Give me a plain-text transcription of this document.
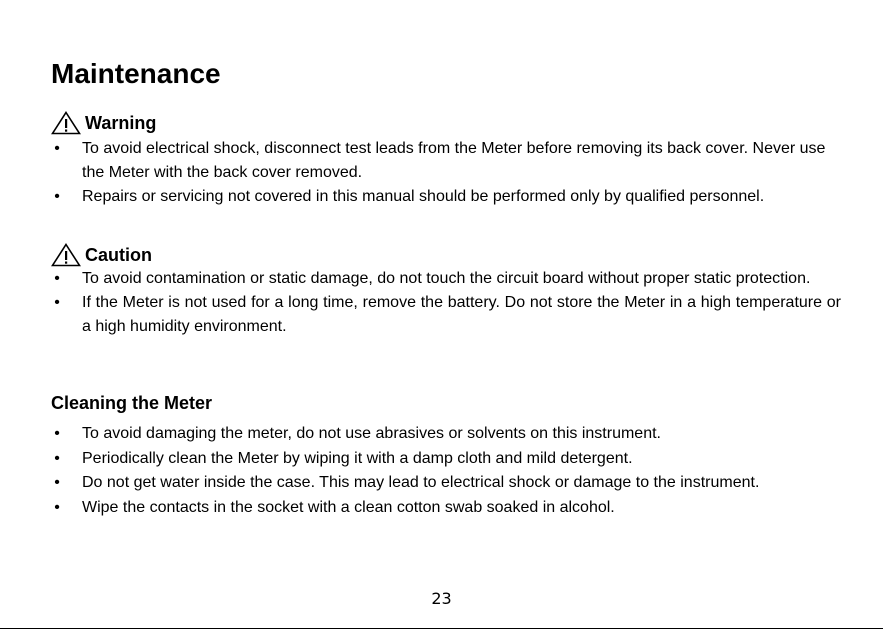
Maintenance
Warning
• To avoid electrical shock, disconnect test leads from the Meter before removing its back cover. Never use the Meter with the back cover removed.
• Repairs or servicing not covered in this manual should be performed only by qualified personnel.
Caution
• To avoid contamination or static damage, do not touch the circuit board without proper static protection.
• If the Meter is not used for a long time, remove the battery. Do not store the Meter in a high temperature or a high humidity environment.
Cleaning the Meter
• To avoid damaging the meter, do not use abrasives or solvents on this instrument.
• Periodically clean the Meter by wiping it with a damp cloth and mild detergent.
• Do not get water inside the case. This may lead to electrical shock or damage to the instrument.
• Wipe the contacts in the socket with a clean cotton swab soaked in alcohol.
23
